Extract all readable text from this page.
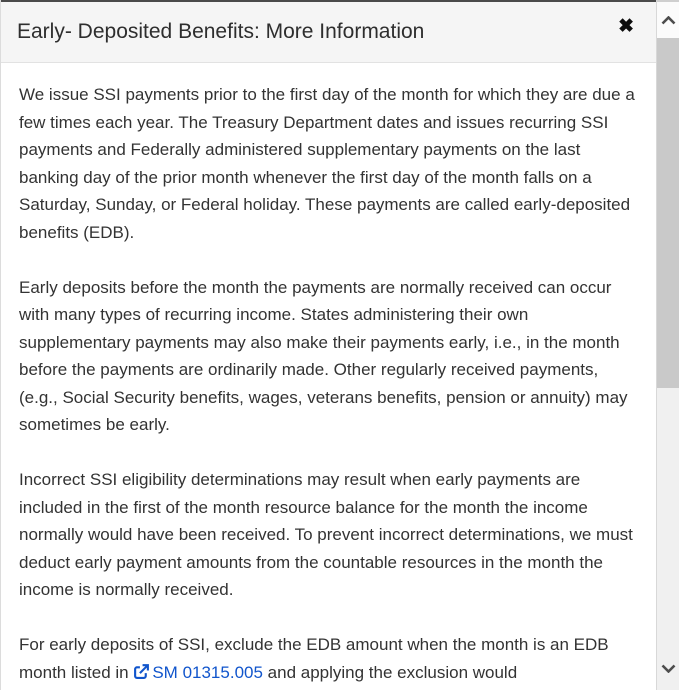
Early- Deposited Benefits: More Information	✖

We issue SSI payments prior to the first day of the month for which they are due a few times each year. The Treasury Department dates and issues recurring SSI payments and Federally administered supplementary payments on the last banking day of the prior month whenever the first day of the month falls on a Saturday, Sunday, or Federal holiday. These payments are called early-deposited benefits (EDB).

Early deposits before the month the payments are normally received can occur with many types of recurring income. States administering their own supplementary payments may also make their payments early, i.e., in the month before the payments are ordinarily made. Other regularly received payments, (e.g., Social Security benefits, wages, veterans benefits, pension or annuity) may sometimes be early.

Incorrect SSI eligibility determinations may result when early payments are included in the first of the month resource balance for the month the income normally would have been received. To prevent incorrect determinations, we must deduct early payment amounts from the countable resources in the month the income is normally received.

For early deposits of SSI, exclude the EDB amount when the month is an EDB month listed in SM 01315.005 and applying the exclusion would
